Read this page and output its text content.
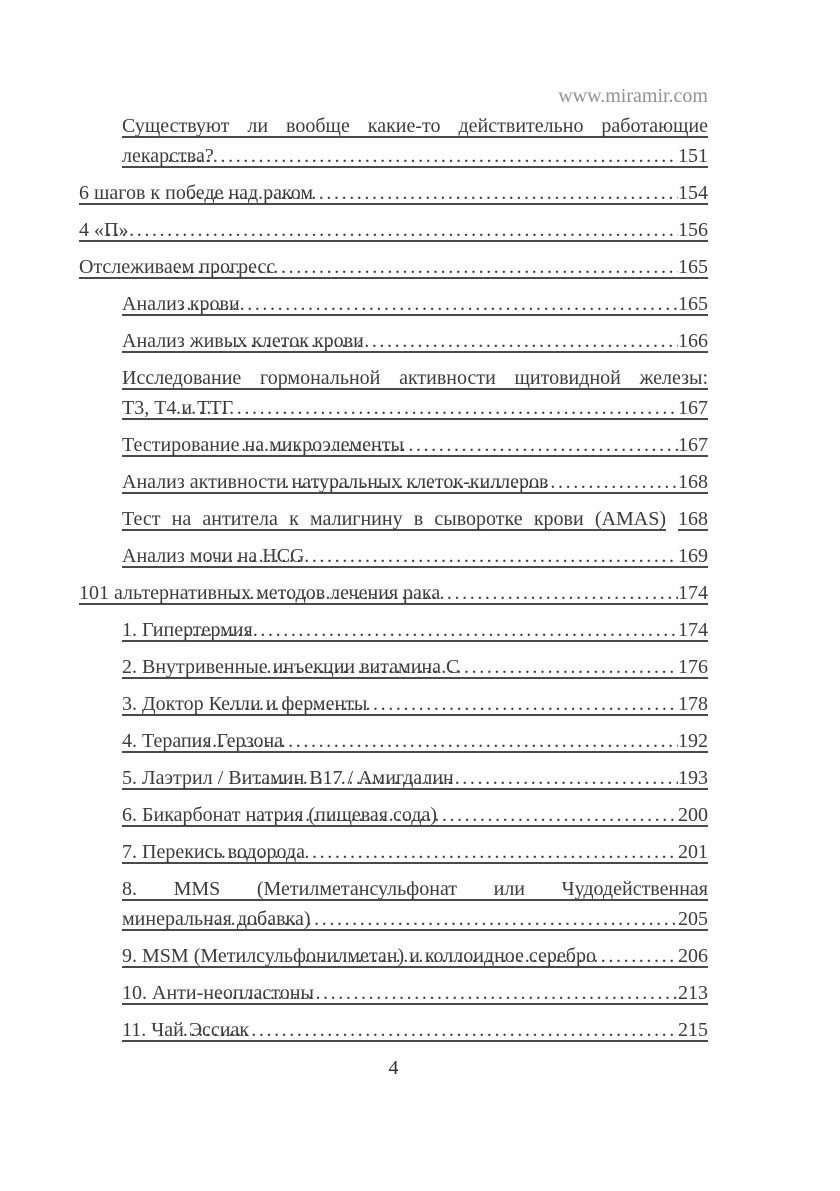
www.miramir.com
Существуют ли вообще какие-то действительно работающие
лекарства? .....	151
6 шагов к победе над раком .....	154
4 «П» .....	156
Отслеживаем прогресс .....	165
Анализ крови .....	165
Анализ живых клеток крови .....	166
Исследование гормональной активности щитовидной железы:
Т3, Т4 и ТТГ .....	167
Тестирование на микроэлементы .....	167
Анализ активности натуральных клеток-киллеров .....	168
Тест на антитела к малигнину в сыворотке крови (AMAS) 168
Анализ мочи на HCG .....	169
101 альтернативных методов лечения рака .....	174
1. Гипертермия .....	174
2. Внутривенные инъекции витамина С .....	176
3. Доктор Келли и ферменты .....	178
4. Терапия Герзона .....	192
5. Лаэтрил / Витамин В17 / Амигдалин .....	193
6. Бикарбонат натрия (пищевая сода) .....	200
7. Перекись водорода .....	201
8. MMS (Метилметансульфонат или Чудодейственная
минеральная добавка) .....	205
9. MSM (Метилсульфонилметан) и коллоидное серебро .....	206
10. Анти-неопластоны .....	213
11. Чай Эссиак .....	215
4
